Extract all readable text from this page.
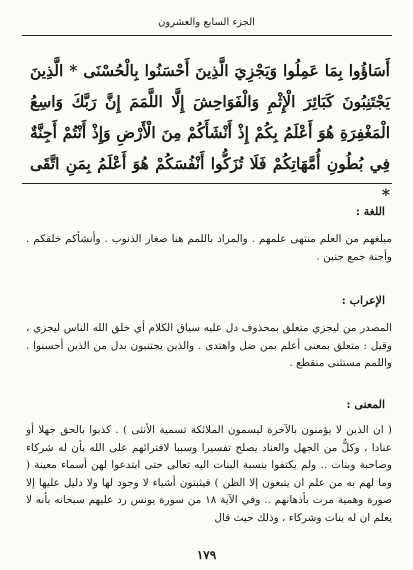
الجزء السابع والعشرون
أَسَاؤُوا بِمَا عَمِلُوا وَيَجْزِيَ الَّذِينَ أَحْسَنُوا بِالْحُسْنَى * الَّذِينَ يَجْتَنِبُونَ كَبَائِرَ الْإِثْمِ وَالْفَوَاحِشَ إِلَّا اللَّمَمَ إِنَّ رَبَّكَ وَاسِعُ الْمَغْفِرَةِ هُوَ أَعْلَمُ بِكُمْ إِذْ أَنْشَأَكُمْ مِنَ الْأَرْضِ وَإِذْ أَنْتُمْ أَجِنَّةٌ فِي بُطُونِ أُمَّهَاتِكُمْ فَلَا تُزَكُّوا أَنْفُسَكُمْ هُوَ أَعْلَمُ بِمَنِ اتَّقَى *
اللغة :
ميلغهم من العلم منتهى علمهم . والمراد باللمم هنا صغار الذنوب . وأنشأكم خلقكم . وأجنة جمع جنين .
الإعراب :
المصدر من ليجزي متعلق بمحذوف دل عليه سياق الكلام أي خلق الله الناس ليجزي ، وقيل : متعلق بمعنى أعلم بمن ضل واهتدى . والذين يجتنبون بدل من الذين أحسنوا . واللمم مستثنى منقطع .
المعنى :
( ان الذين لا يؤمنون بالآخرة ليسمون الملائكة تسمية الأنثى ) . كذبوا بالحق جهلا أو عنادا ، وكلٌّ من الجهل والعناد يصلح تفسيرا وسببا لافترائهم على الله بأن له شركاء وصاحبة وبنات .. ولم يكتفوا بنسبة البنات اليه تعالى حتى ابتدعوا لهن أسماء معينة ( وما لهم به من علم ان يتبعون إلا الظن ) فيثبتون أشياء لا وجود لها ولا دليل عليها إلا صورة وهمية مرت بأذهانهم .. وفي الآية ١٨ من سورة يونس رد عليهم سبحانه بأنه لا يعلم ان له بنات وشركاء ، وذلك حيث قال
١٧٩
